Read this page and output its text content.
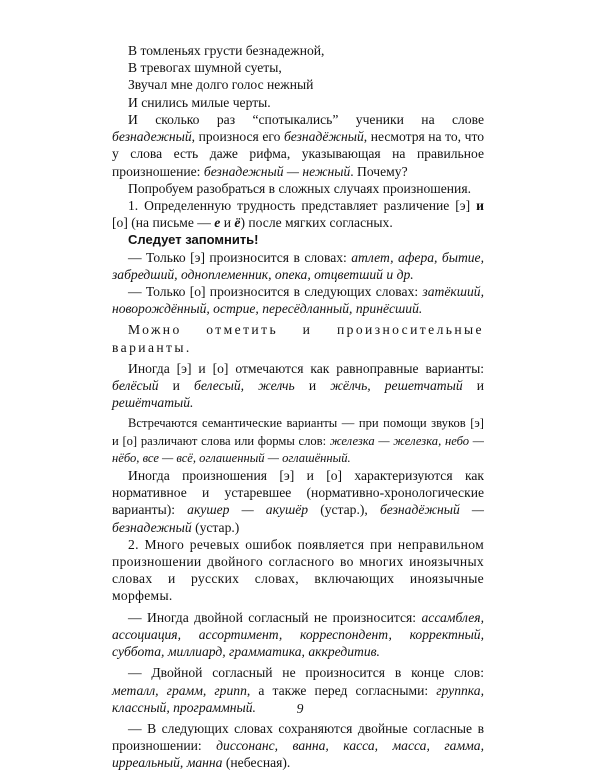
В томленьях грусти безнадежной,
В тревогах шумной суеты,
Звучал мне долго голос нежный
И снились милые черты.

И сколько раз “спотыкались” ученики на слове безнадежный, произнося его безнадёжный, несмотря на то, что у слова есть даже рифма, указывающая на правильное произношение: безнадежный — нежный. Почему?

Попробуем разобраться в сложных случаях произношения.

1. Определенную трудность представляет различение [э] и [о] (на письме — е и ё) после мягких согласных.

Следует запомнить!

— Только [э] произносится в словах: атлет, афера, бытие, забредший, одноплеменник, опека, отцветший и др.

— Только [о] произносится в следующих словах: затёкший, новорождённый, острие, пересёдланный, принёсший.

Можно отметить и произносительные варианты.

Иногда [э] и [о] отмечаются как равноправные варианты: белёсый и белесый, желчь и жёлчь, решетчатый и решётчатый.

Встречаются семантические варианты — при помощи звуков [э] и [о] различают слова или формы слов: железка — железка, небо — нёбо, все — всё, оглашенный — оглашённый.

Иногда произношения [э] и [о] характеризуются как нормативное и устаревшее (нормативно-хронологические варианты): акушер — акушёр (устар.), безнадёжный — безнадежный (устар.)

2. Много речевых ошибок появляется при неправильном произношении двойного согласного во многих иноязычных словах и русских словах, включающих иноязычные морфемы.

— Иногда двойной согласный не произносится: ассамблея, ассоциация, ассортимент, корреспондент, корректный, суббота, миллиард, грамматика, аккредитив.

— Двойной согласный не произносится в конце слов: металл, грамм, грипп, а также перед согласными: группка, классный, программный.

— В следующих словах сохраняются двойные согласные в произношении: диссонанс, ванна, касса, масса, гамма, ирреальный, манна (небесная).

9
